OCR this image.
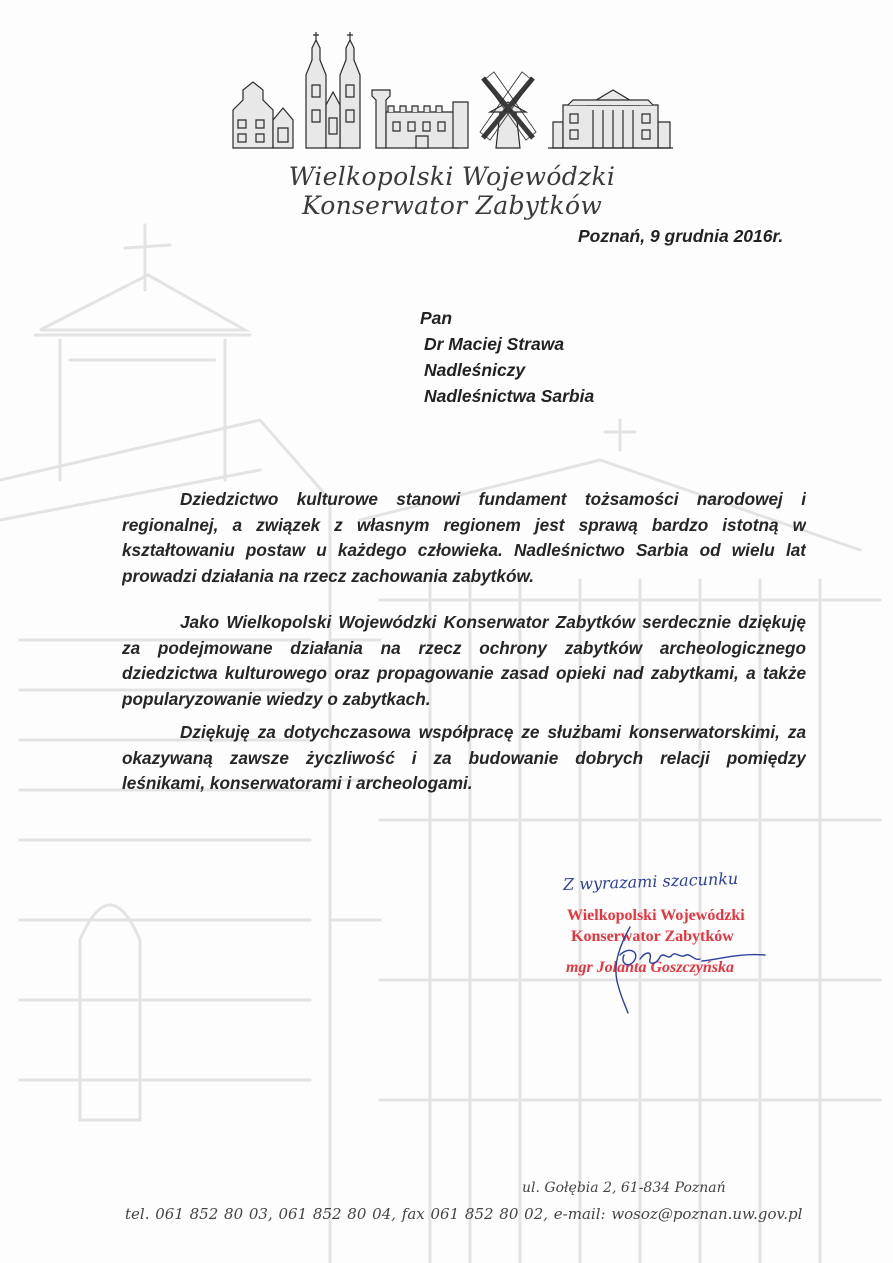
Wielkopolski Wojewódzki Konserwator Zabytków
Poznań, 9 grudnia 2016r.
Pan
Dr Maciej Strawa
Nadleśniczy
Nadleśnictwa Sarbia
Dziedzictwo kulturowe stanowi fundament tożsamości narodowej i
regionalnej, a związek z własnym regionem jest sprawą bardzo istotną w
kształtowaniu postaw u każdego człowieka. Nadleśnictwo Sarbia od wielu lat
prowadzi działania na rzecz zachowania zabytków.
Jako Wielkopolski Wojewódzki Konserwator Zabytków serdecznie dziękuję
za podejmowane działania na rzecz ochrony zabytków archeologicznego
dziedzictwa kulturowego oraz propagowanie zasad opieki nad zabytkami, a także
popularyzowanie wiedzy o zabytkach.
Dziękuję za dotychczasowa współpracę ze służbami konserwatorskimi, za
okazywaną zawsze życzliwość i za budowanie dobrych relacji pomiędzy
leśnikami, konserwatorami i archeologami.
Z wyrazami szacunku
Wielkopolski Wojewódzki
Konserwator Zabytków
mgr Jolanta Goszczyńska
ul. Gołębia 2, 61-834 Poznań
tel. 061 852 80 03, 061 852 80 04, fax 061 852 80 02, e-mail: wosoz@poznan.uw.gov.pl
